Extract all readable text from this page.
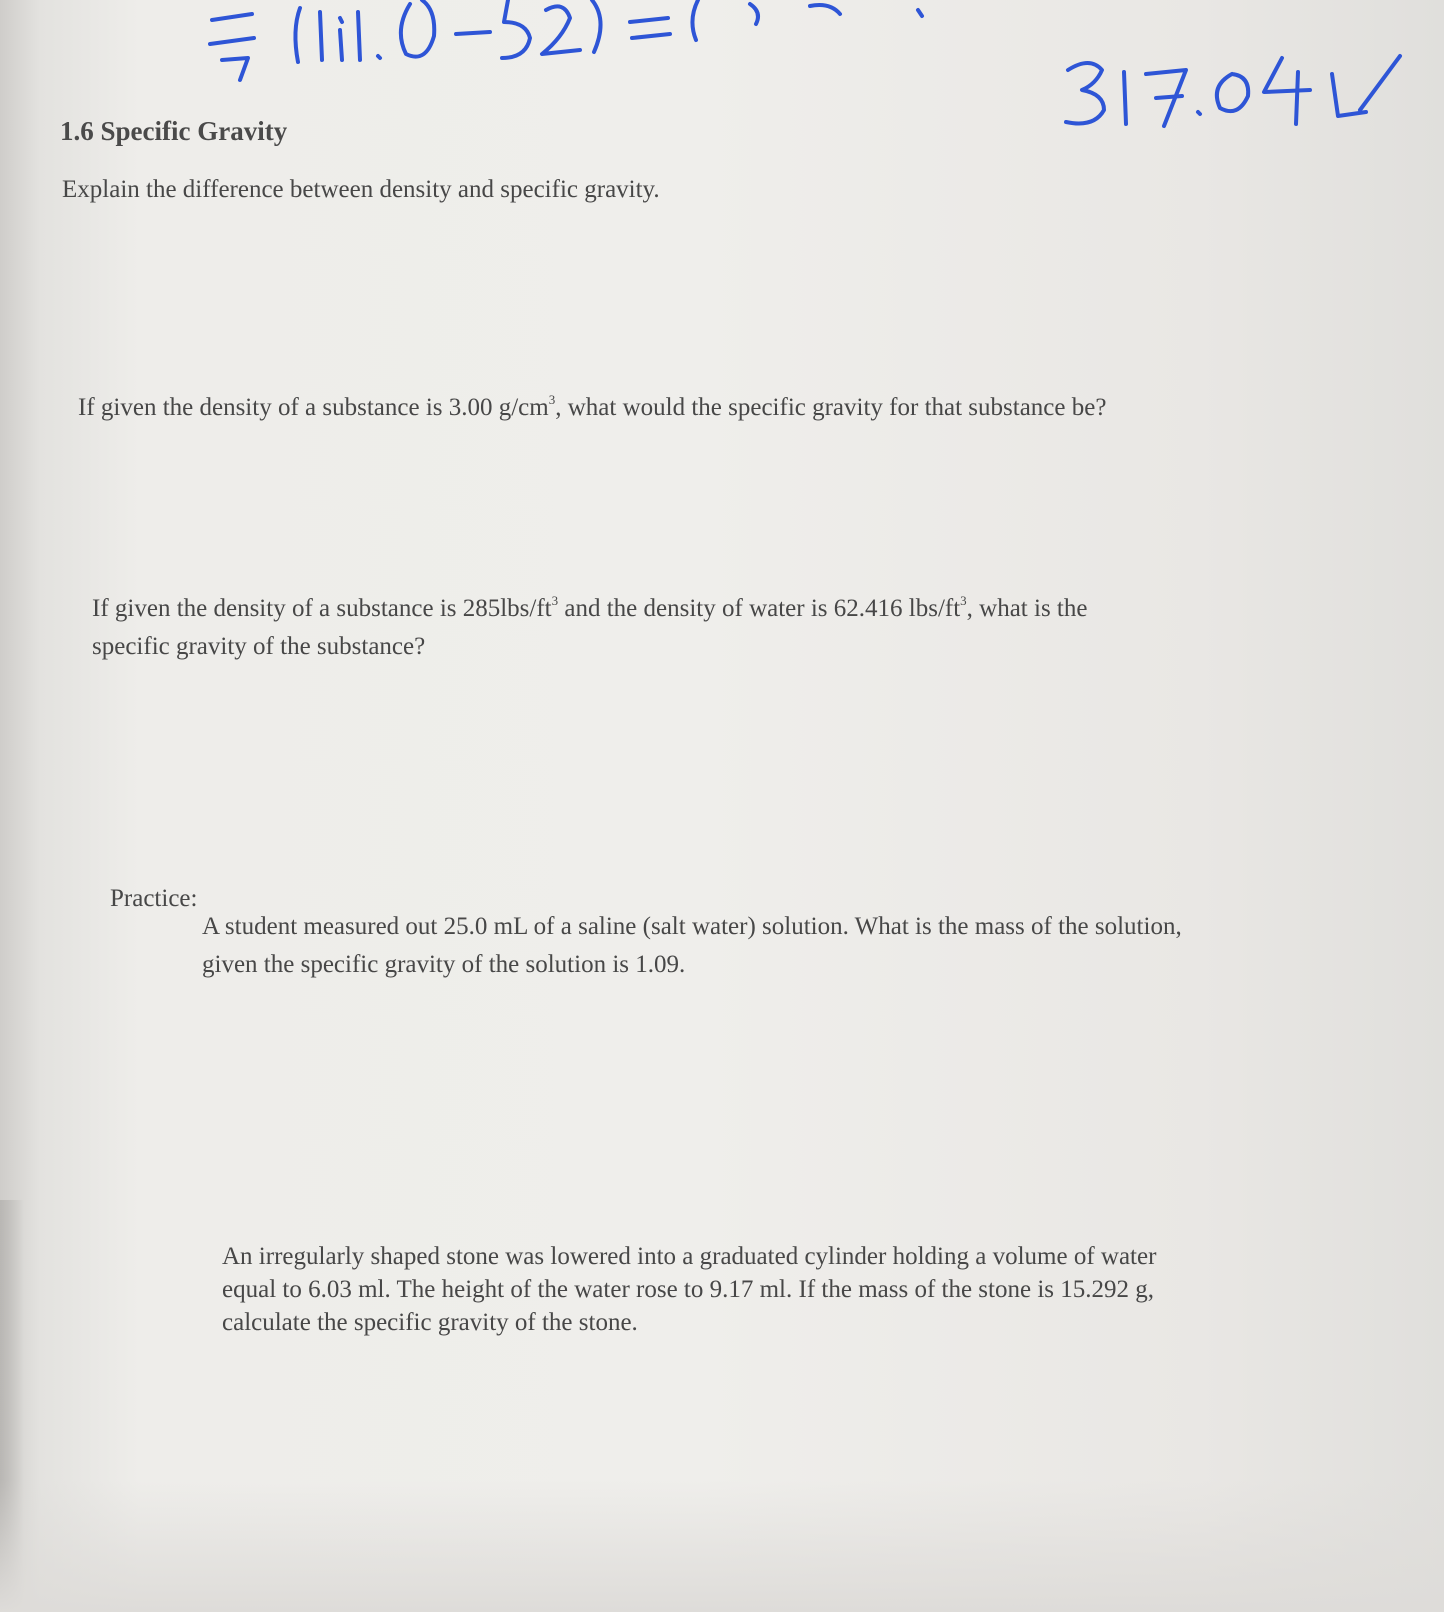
1.6 Specific Gravity
Explain the difference between density and specific gravity.
If given the density of a substance is 3.00 $g/cm^3$, what would the specific gravity for that substance be?
If given the density of a substance is $285lbs/ft^3$ and the density of water is 62.416 lbs/$ft^3$, what is the
specific gravity of the substance?
Practice:
A student measured out 25.0 mL of a saline (salt water) solution. What is the mass of the solution,
given the specific gravity of the solution is 1.09.
An irregularly shaped stone was lowered into a graduated cylinder holding a volume of water
equal to 6.03 ml. The height of the water rose to 9.17 ml. If the mass of the stone is 15.292 g,
calculate the specific gravity of the stone.
